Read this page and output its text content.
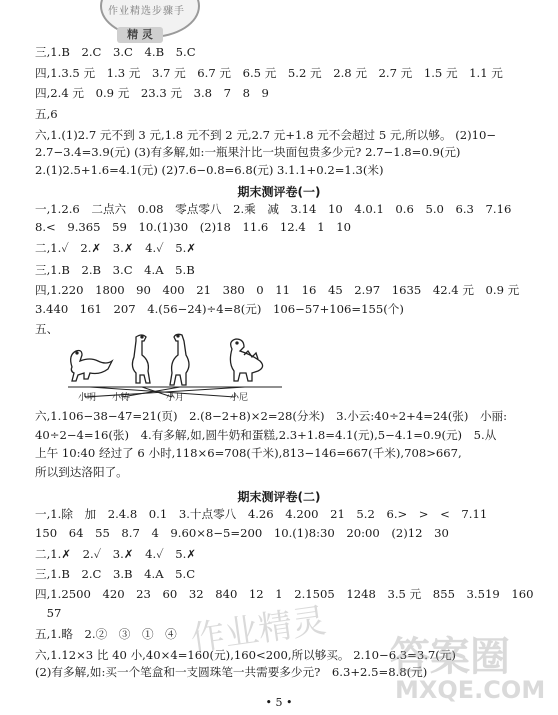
作业精选步骤手
精 灵
三,1.B　2.C　3.C　4.B　5.C
四,1.3.5 元　1.3 元　3.7 元　6.7 元　6.5 元　5.2 元　2.8 元　2.7 元　1.5 元　1.1 元
四,2.4 元　0.9 元　23.3 元　3.8　7　8　9
五,6
六,1.(1)2.7 元不到 3 元,1.8 元不到 2 元,2.7 元+1.8 元不会超过 5 元,所以够。 (2)10−
2.7−3.4=3.9(元) (3)有多解,如:一瓶果汁比一块面包贵多少元? 2.7−1.8=0.9(元)
2.(1)2.5+1.6=4.1(元) (2)7.6−0.8=6.8(元) 3.1.1+0.2=1.3(米)
期末测评卷(一)
一,1.2.6　二点六　0.08　零点零八　2.乘　减　3.14　10　4.0.1　0.6　5.0　6.3　7.16
8.<　9.365　59　10.(1)30　(2)18　11.6　12.4　1　10
二,1.✓　2.✗　3.✗　4.✓　5.✗
三,1.B　2.B　3.C　4.A　5.B
四,1.220　1800　90　400　21　380　0　11　16　45　2.97　1635　42.4 元　0.9 元
3.440　161　207　4.(56−24)÷4=8(元)　106−57+106=155(个)
五、
小明 小涛	小月	小尼
六,1.106−38−47=21(页)　2.(8−2+8)×2=28(分米)　3.小云:40÷2+4=24(张)　小丽:
40÷2−4=16(张)　4.有多解,如,圆牛奶和蛋糕,2.3+1.8=4.1(元),5−4.1=0.9(元)　5.从
上午 10:40 经过了 6 小时,118×6=708(千米),813−146=667(千米),708>667,
所以到达洛阳了。
期末测评卷(二)
一,1.除　加　2.4.8　0.1　3.十点零八　4.26　4.200　21　5.2　6.>　>　<　7.11
150　64　55　8.7　4　9.60×8−5=200　10.(1)8:30　20:00　(2)12　30
二,1.✗　2.✓　3.✗　4.✓　5.✗
三,1.B　2.C　3.B　4.A　5.C
四,1.2500　420　23　60　32　840　12　1　2.1505　1248　3.5 元　855　3.519　160
　57
五,1.略　2.②　③　①　④
六,1.12×3 比 40 小,40×4=160(元),160<200,所以够买。 2.10−6.3=3.7(元)
(2)有多解,如:买一个笔盒和一支圆珠笔一共需要多少元?　6.3+2.5=8.8(元)
• 5 •
作业精灵 答案圈
MXQE.COM
